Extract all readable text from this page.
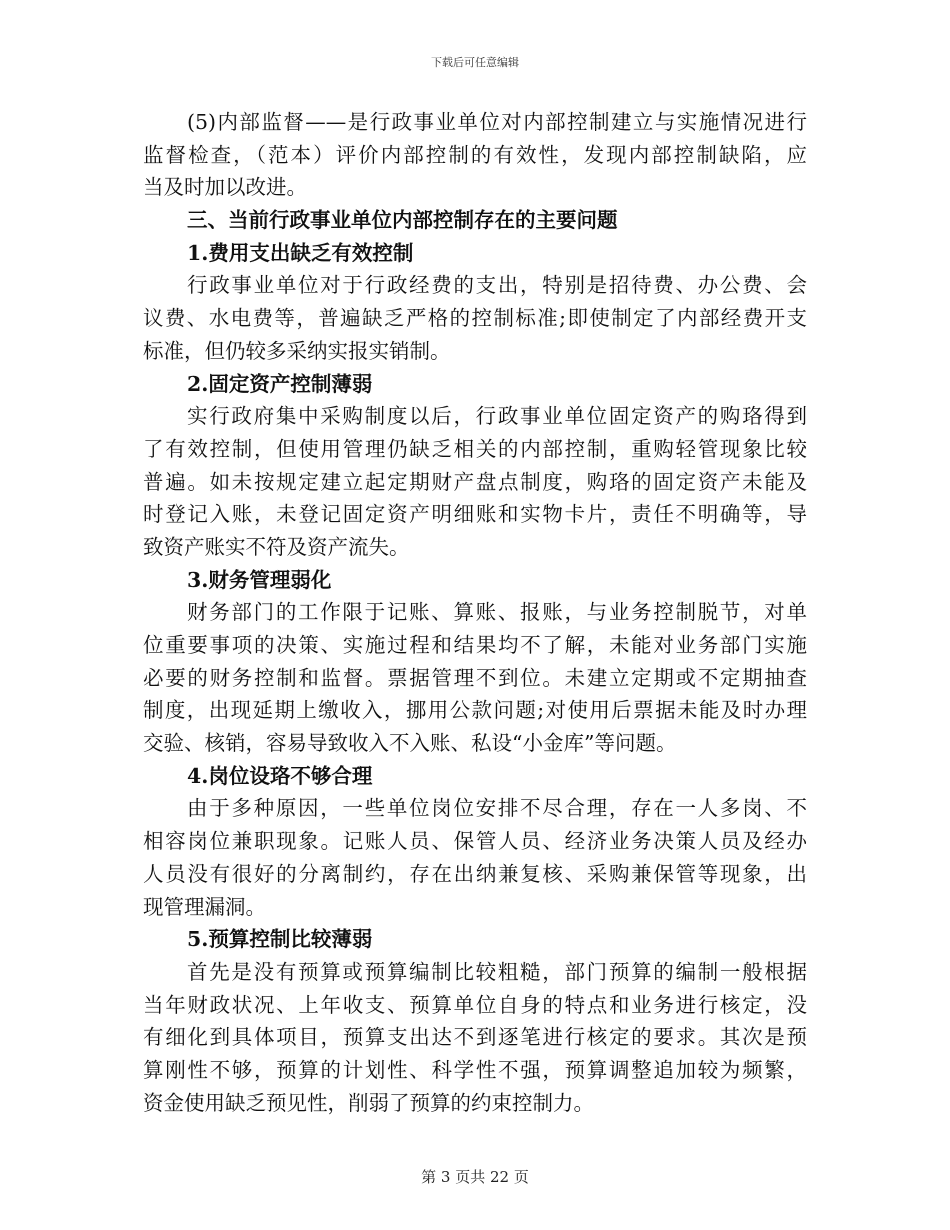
下载后可任意编辑
(5)内部监督——是行政事业单位对内部控制建立与实施情况进行
监督检查，（范本）评价内部控制的有效性，发现内部控制缺陷，应
当及时加以改进。
三、当前行政事业单位内部控制存在的主要问题
1.费用支出缺乏有效控制
行政事业单位对于行政经费的支出，特别是招待费、办公费、会
议费、水电费等，普遍缺乏严格的控制标准;即使制定了内部经费开支
标准，但仍较多采纳实报实销制。
2.固定资产控制薄弱
实行政府集中采购制度以后，行政事业单位固定资产的购珞得到
了有效控制，但使用管理仍缺乏相关的内部控制，重购轻管现象比较
普遍。如未按规定建立起定期财产盘点制度，购珞的固定资产未能及
时登记入账，未登记固定资产明细账和实物卡片，责任不明确等，导
致资产账实不符及资产流失。
3.财务管理弱化
财务部门的工作限于记账、算账、报账，与业务控制脱节，对单
位重要事项的决策、实施过程和结果均不了解，未能对业务部门实施
必要的财务控制和监督。票据管理不到位。未建立定期或不定期抽查
制度，出现延期上缴收入，挪用公款问题;对使用后票据未能及时办理
交验、核销，容易导致收入不入账、私设“小金库”等问题。
4.岗位设珞不够合理
由于多种原因，一些单位岗位安排不尽合理，存在一人多岗、不
相容岗位兼职现象。记账人员、保管人员、经济业务决策人员及经办
人员没有很好的分离制约，存在出纳兼复核、采购兼保管等现象，出
现管理漏洞。
5.预算控制比较薄弱
首先是没有预算或预算编制比较粗糙，部门预算的编制一般根据
当年财政状况、上年收支、预算单位自身的特点和业务进行核定，没
有细化到具体项目，预算支出达不到逐笔进行核定的要求。其次是预
算刚性不够，预算的计划性、科学性不强，预算调整追加较为频繁，
资金使用缺乏预见性，削弱了预算的约束控制力。
第 3 页共 22 页
